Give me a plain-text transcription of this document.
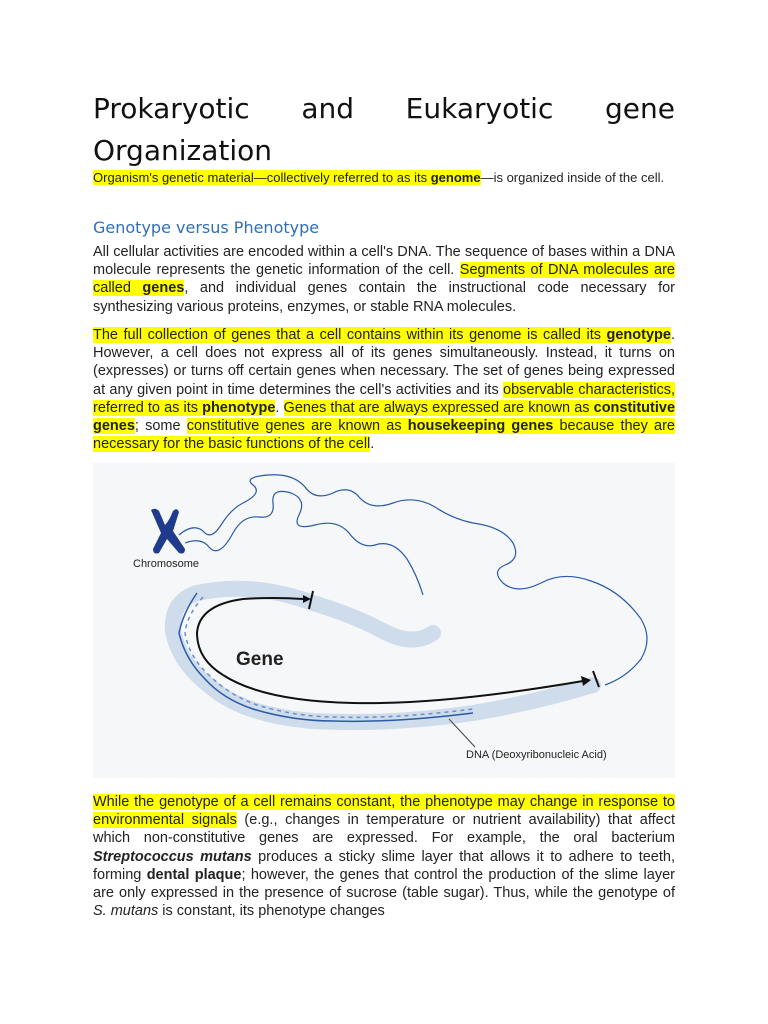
Prokaryotic and Eukaryotic gene
Organization

Organism's genetic material—collectively referred to as its genome—is organized inside of the cell.

Genotype versus Phenotype

All cellular activities are encoded within a cell's DNA. The sequence of bases within a DNA molecule represents the genetic information of the cell. Segments of DNA molecules are called genes, and individual genes contain the instructional code necessary for synthesizing various proteins, enzymes, or stable RNA molecules.

The full collection of genes that a cell contains within its genome is called its genotype. However, a cell does not express all of its genes simultaneously. Instead, it turns on (expresses) or turns off certain genes when necessary. The set of genes being expressed at any given point in time determines the cell's activities and its observable characteristics, referred to as its phenotype. Genes that are always expressed are known as constitutive genes; some constitutive genes are known as housekeeping genes because they are necessary for the basic functions of the cell.

Chromosome
Gene
DNA (Deoxyribonucleic Acid)

While the genotype of a cell remains constant, the phenotype may change in response to environmental signals (e.g., changes in temperature or nutrient availability) that affect which non-constitutive genes are expressed. For example, the oral bacterium Streptococcus mutans produces a sticky slime layer that allows it to adhere to teeth, forming dental plaque; however, the genes that control the production of the slime layer are only expressed in the presence of sucrose (table sugar). Thus, while the genotype of S. mutans is constant, its phenotype changes
